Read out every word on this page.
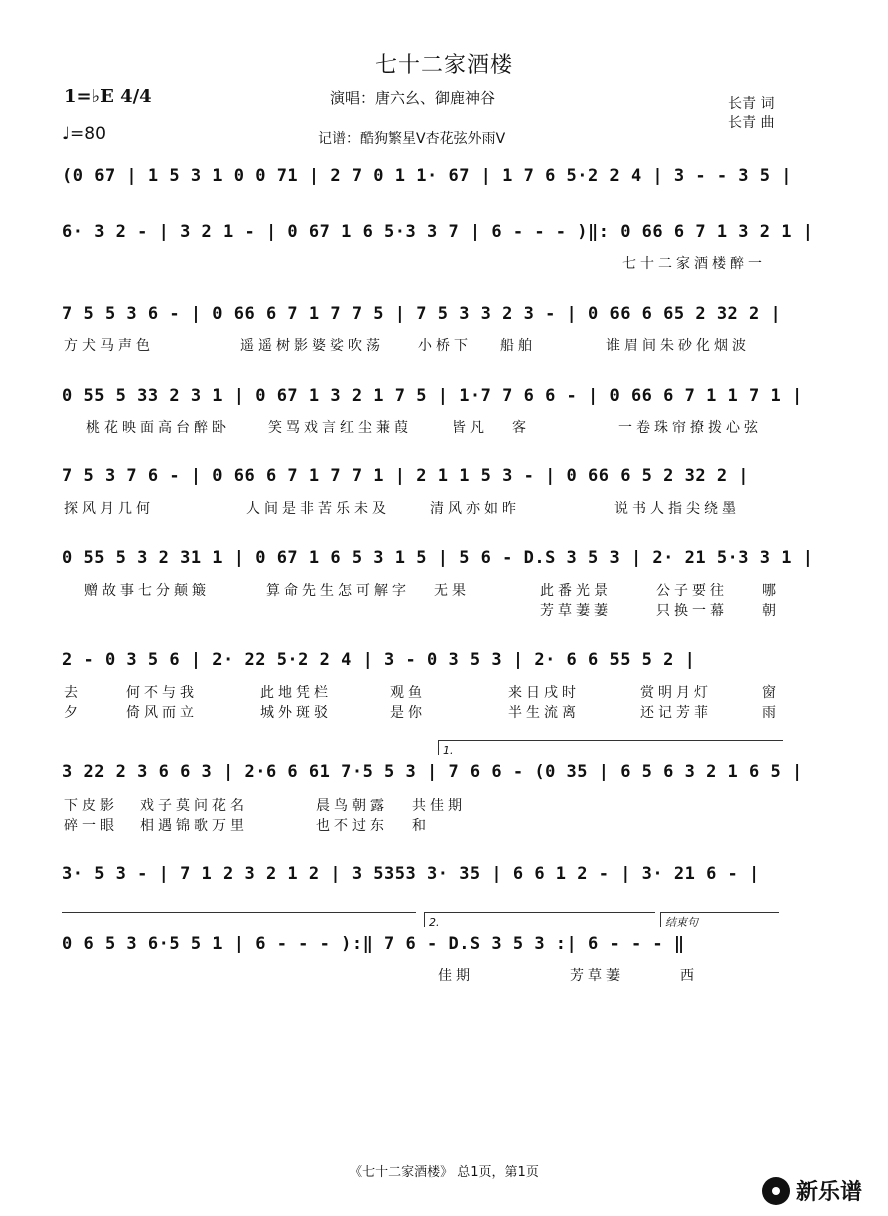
七十二家酒楼
1=♭E 4/4
♩=80
演唱：唐六幺、御鹿神谷
记谱：酷狗繁星V杏花弦外雨V
长青 词
长青 曲
(0 67 | 1 5 3 1 0 0 71 | 2 7 0 1 1· 67 | 1 7 6 5·2 2 4 | 3 - - 3 5 |
6· 3 2 - | 3 2 1 - | 0 67 1 6 5·3 3 7 | 6 - - - )‖: 0 66 6 7 1 3 2 1 |
七十二家酒楼醉一
7 5 5 3 6 - | 0 66 6 7 1 7 7 5 | 7 5 3 3 2 3 - | 0 66 6 65 2 32 2 |
方犬马声色	遥遥树影婆娑吹荡 小桥下 船舶	谁眉间朱砂化烟波
0 55 5 33 2 3 1 | 0 67 1 3 2 1 7 5 | 1·7 7 6 6 - | 0 66 6 7 1 1 7 1 |
桃花映面高台醉卧	笑骂戏言红尘蒹葭	皆凡 客	一卷珠帘撩拨心弦
7 5 3 7 6 - | 0 66 6 7 1 7 7 1 | 2 1 1 5 3 - | 0 66 6 5 2 32 2 |
探风月几何	人间是非苦乐未及	清风亦如昨	说书人指尖绕墨
0 55 5 3 2 31 1 | 0 67 1 6 5 3 1 5 | 5 6 - D.S 3 5 3 | 2· 21 5·3 3 1 |
赠故事七分颠簸	算命先生怎可解字 无果	此番光景	公子要往 哪
芳草萋萋	只换一幕 朝
2 - 0 3 5 6 | 2· 22 5·2 2 4 | 3 - 0 3 5 3 | 2· 6 6 55 5 2 |
去	何不与我	此地凭栏	观鱼	来日戌时	赏明月灯	窗
夕	倚风而立	城外斑驳	是你	半生流离	还记芳菲	雨
1.
3 22 2 3 6 6 3 | 2·6 6 61 7·5 5 3 | 7 6 6 - (0 35 | 6 5 6 3 2 1 6 5 |
下皮影 戏子莫问花名	晨鸟朝露 共佳期
碎一眼 相遇锦歌万里	也不过东 和
3· 5 3 - | 7 1 2 3 2 1 2 | 3 5353 3· 35 | 6 6 1 2 - | 3· 21 6 - |
2.	结束句
0 6 5 3 6·5 5 1 | 6 - - - ):‖ 7 6 - D.S 3 5 3 :| 6 - - - ‖
佳期	芳草萋	西
《七十二家酒楼》 总1页，第1页
新乐谱
